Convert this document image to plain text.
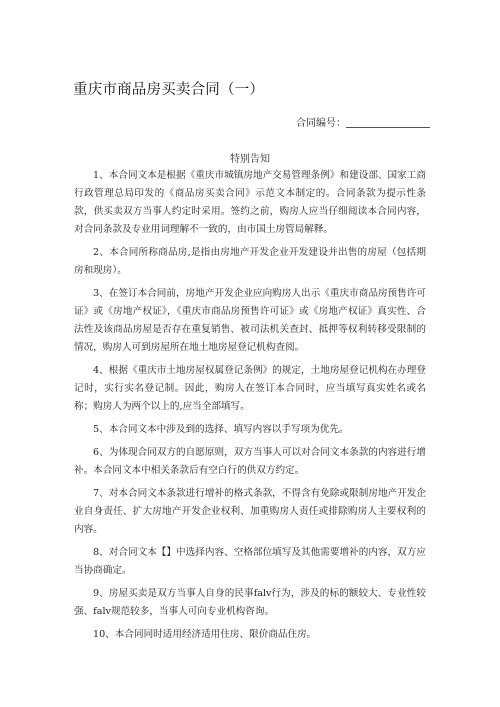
重庆市商品房买卖合同（一）
合同编号：
特别告知

1、本合同文本是根据《重庆市城镇房地产交易管理条例》和建设部、国家工商行政管理总局印发的《商品房买卖合同》示范文本制定的。合同条款为提示性条款，供买卖双方当事人约定时采用。签约之前，购房人应当仔细阅读本合同内容，对合同条款及专业用词理解不一致的，由市国土房管局解释。

2、本合同所称商品房,是指由房地产开发企业开发建设并出售的房屋（包括期房和现房）。

3、在签订本合同前，房地产开发企业应向购房人出示《重庆市商品房预售许可证》或《房地产权证》，《重庆市商品房预售许可证》或《房地产权证》真实性、合法性及该商品房屋是否存在重复销售、被司法机关查封、抵押等权利转移受限制的情况，购房人可到房屋所在地土地房屋登记机构查阅。

4、根据《重庆市土地房屋权属登记条例》的规定，土地房屋登记机构在办理登记时，实行实名登记制。因此，购房人在签订本合同时，应当填写真实姓名或名称；购房人为两个以上的,应当全部填写。

5、本合同文本中涉及到的选择、填写内容以手写项为优先。

6、为体现合同双方的自愿原则，双方当事人可以对合同文本条款的内容进行增补。本合同文本中相关条款后有空白行的供双方约定。

7、对本合同文本条款进行增补的格式条款，不得含有免除或限制房地产开发企业自身责任、扩大房地产开发企业权利、加重购房人责任或排除购房人主要权利的内容。

8、对合同文本【】中选择内容、空格部位填写及其他需要增补的内容，双方应当协商确定。

9、房屋买卖是双方当事人自身的民事falv行为，涉及的标的额较大、专业性较强、falv规范较多，当事人可向专业机构咨询。

10、本合同同时适用经济适用住房、限价商品住房。
